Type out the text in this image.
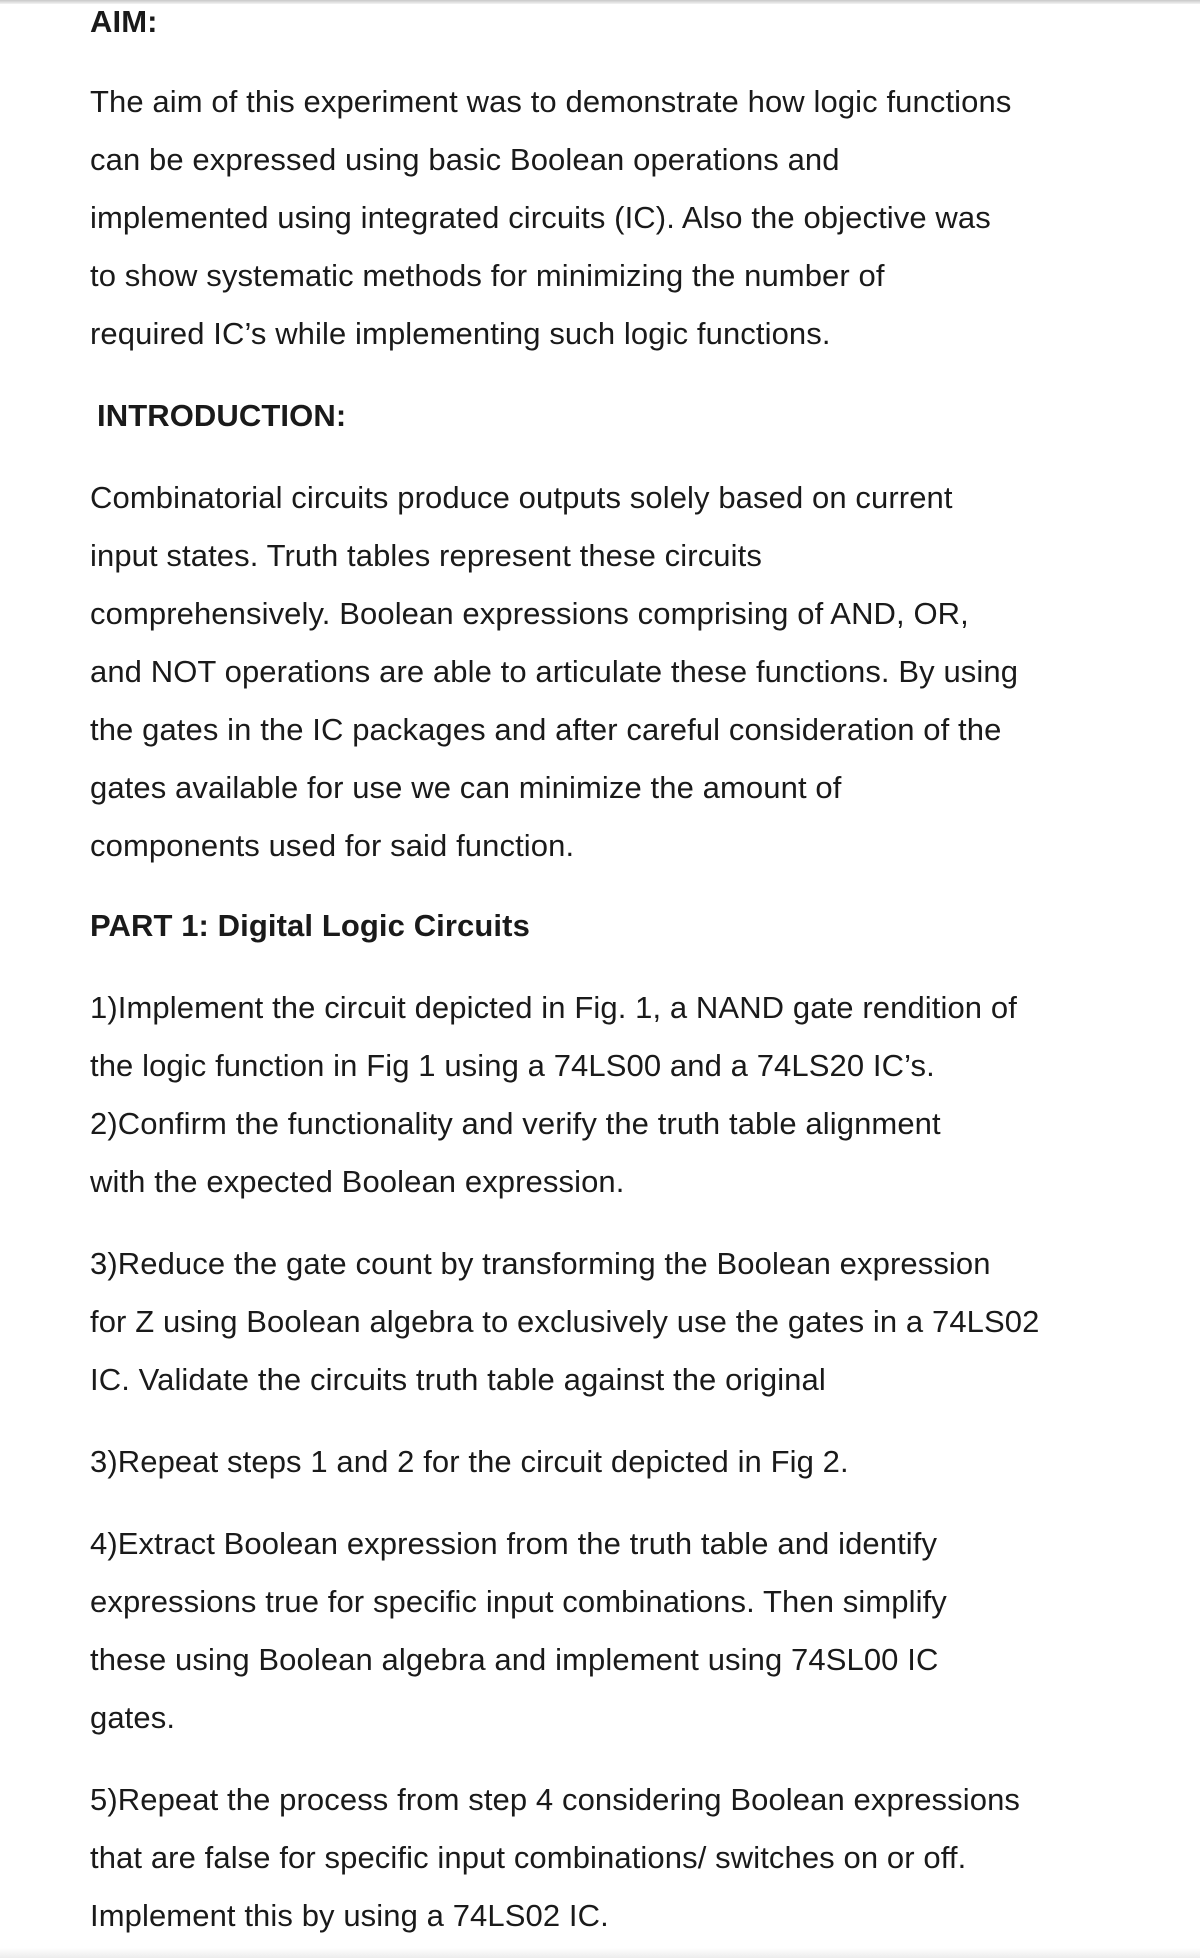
AIM:

The aim of this experiment was to demonstrate how logic functions

can be expressed using basic Boolean operations and

implemented using integrated circuits (IC). Also the objective was

to show systematic methods for minimizing the number of

required IC’s while implementing such logic functions.

INTRODUCTION:

Combinatorial circuits produce outputs solely based on current

input states. Truth tables represent these circuits

comprehensively. Boolean expressions comprising of AND, OR,

and NOT operations are able to articulate these functions. By using

the gates in the IC packages and after careful consideration of the

gates available for use we can minimize the amount of

components used for said function.

PART 1: Digital Logic Circuits

1)Implement the circuit depicted in Fig. 1, a NAND gate rendition of

the logic function in Fig 1 using a 74LS00 and a 74LS20 IC’s.

2)Confirm the functionality and verify the truth table alignment

with the expected Boolean expression.

3)Reduce the gate count by transforming the Boolean expression

for Z using Boolean algebra to exclusively use the gates in a 74LS02

IC. Validate the circuits truth table against the original

3)Repeat steps 1 and 2 for the circuit depicted in Fig 2.

4)Extract Boolean expression from the truth table and identify

expressions true for specific input combinations. Then simplify

these using Boolean algebra and implement using 74SL00 IC

gates.

5)Repeat the process from step 4 considering Boolean expressions

that are false for specific input combinations/ switches on or off.

Implement this by using a 74LS02 IC.
